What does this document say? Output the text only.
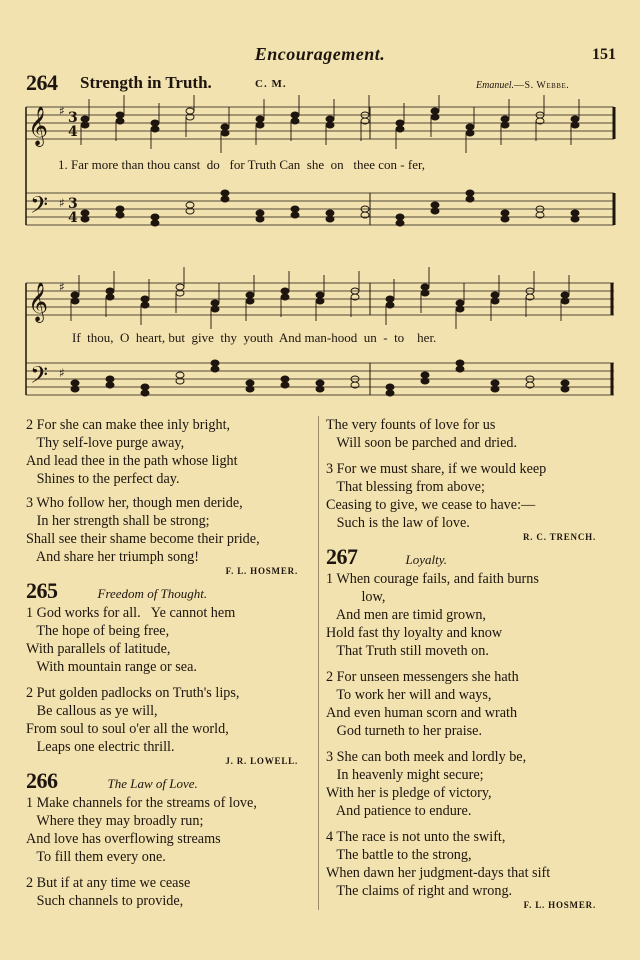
Encouragement.	151
264 Strength in Truth.	C. M.	Emanuel.—S. Webbe.
𝄞
𝄢
♯
♯
3
3
4
4
1. Far more than thou canst  do   for Truth Can  she  on   thee con - fer,
𝄞
𝄢
♯
♯
If  thou,  O  heart, but  give  thy  youth  And man-hood  un  -  to    her.
2 For she can make thee inly bright,
Thy self-love purge away,
And lead thee in the path whose light
Shines to the perfect day.
3 Who follow her, though men deride,
In her strength shall be strong;
Shall see their shame become their pride,
And share her triumph song!
F. L. HOSMER.
265	Freedom of Thought.
1 God works for all.   Ye cannot hem
The hope of being free,
With parallels of latitude,
With mountain range or sea.
2 Put golden padlocks on Truth's lips,
Be callous as ye will,
From soul to soul o'er all the world,
Leaps one electric thrill.
J. R. LOWELL.
266	The Law of Love.
1 Make channels for the streams of love,
Where they may broadly run;
And love has overflowing streams
To fill them every one.
2 But if at any time we cease
Such channels to provide,
The very founts of love for us
Will soon be parched and dried.
3 For we must share, if we would keep
That blessing from above;
Ceasing to give, we cease to have:—
Such is the law of love.
R. C. TRENCH.
267	Loyalty.
1 When courage fails, and faith burns
low,
And men are timid grown,
Hold fast thy loyalty and know
That Truth still moveth on.
2 For unseen messengers she hath
To work her will and ways,
And even human scorn and wrath
God turneth to her praise.
3 She can both meek and lordly be,
In heavenly might secure;
With her is pledge of victory,
And patience to endure.
4 The race is not unto the swift,
The battle to the strong,
When dawn her judgment-days that sift
The claims of right and wrong.
F. L. HOSMER.
